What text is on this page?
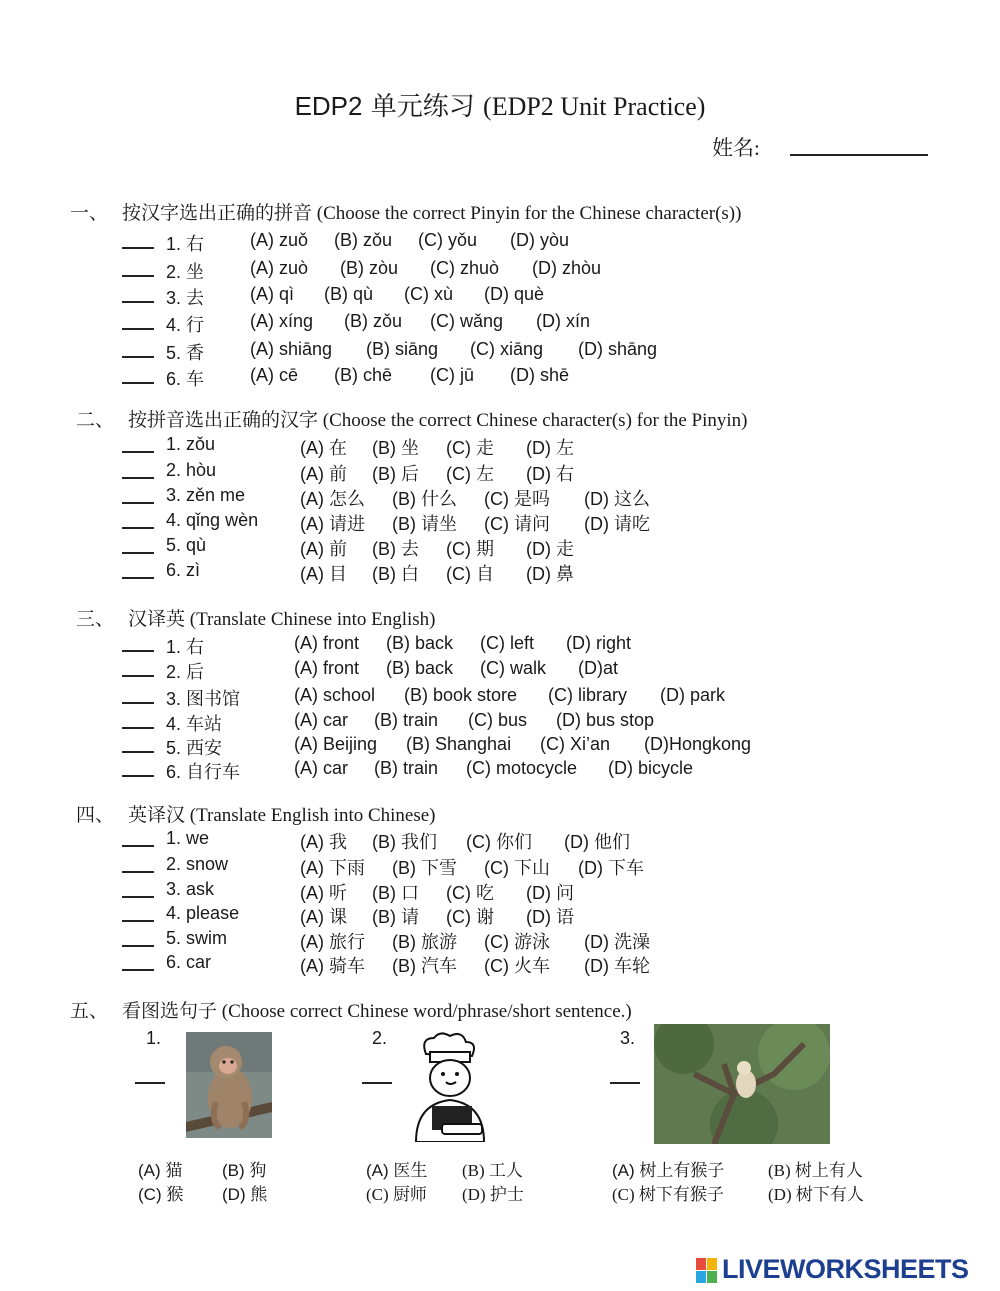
EDP2 单元练习 (EDP2 Unit Practice)
姓名:
一、 按汉字选出正确的拼音 (Choose the correct Pinyin for the Chinese character(s))
二、 按拼音选出正确的汉字 (Choose the correct Chinese character(s) for the Pinyin)
三、 汉译英 (Translate Chinese into English)
四、 英译汉 (Translate English into Chinese)
五、 看图选句子 (Choose correct Chinese word/phrase/short sentence.)
1. 右	(A) zuǒ (B) zǒu (C) yǒu (D) yòu
2. 坐	(A) zuò (B) zòu (C) zhuò (D) zhòu
3. 去	(A) qì (B) qù (C) xù (D) què
4. 行	(A) xíng (B) zǒu (C) wǎng (D) xín
5. 香	(A) shiāng (B) siāng (C) xiāng (D) shāng
6. 车	(A) cē (B) chē (C) jū (D) shē
1. zǒu	(A) 在 (B) 坐 (C) 走 (D) 左
2. hòu	(A) 前 (B) 后 (C) 左 (D) 右
3. zěn me	(A) 怎么 (B) 什么 (C) 是吗 (D) 这么
4. qǐng wèn (A) 请进 (B) 请坐 (C) 请问 (D) 请吃
5. qù	(A) 前 (B) 去 (C) 期 (D) 走
6. zì	(A) 目 (B) 白 (C) 自 (D) 鼻
1. 右	(A) front (B) back (C) left (D) right
2. 后	(A) front (B) back (C) walk (D)at
3. 图书馆	(A) school (B) book store (C) library (D) park
4. 车站	(A) car (B) train (C) bus (D) bus stop
5. 西安	(A) Beijing (B) Shanghai (C) Xi’an (D)Hongkong
6. 自行车	(A) car (B) train (C) motocycle (D) bicycle
1. we	(A) 我 (B) 我们 (C) 你们 (D) 他们
2. snow	(A) 下雨 (B) 下雪 (C) 下山 (D) 下车
3. ask	(A) 听 (B) 口 (C) 吃 (D) 问
4. please	(A) 课 (B) 请 (C) 谢 (D) 语
5. swim	(A) 旅行 (B) 旅游 (C) 游泳 (D) 洗澡
6. car	(A) 骑车 (B) 汽车 (C) 火车 (D) 车轮
1.
(A) 猫 (B) 狗
(C) 猴 (D) 熊
2.
(A) 医生 (B) 工人
(C) 厨师 (D) 护士
3.
(A) 树上有猴子	(B) 树上有人
(C) 树下有猴子	(D) 树下有人
LIVEWORKSHEETS
